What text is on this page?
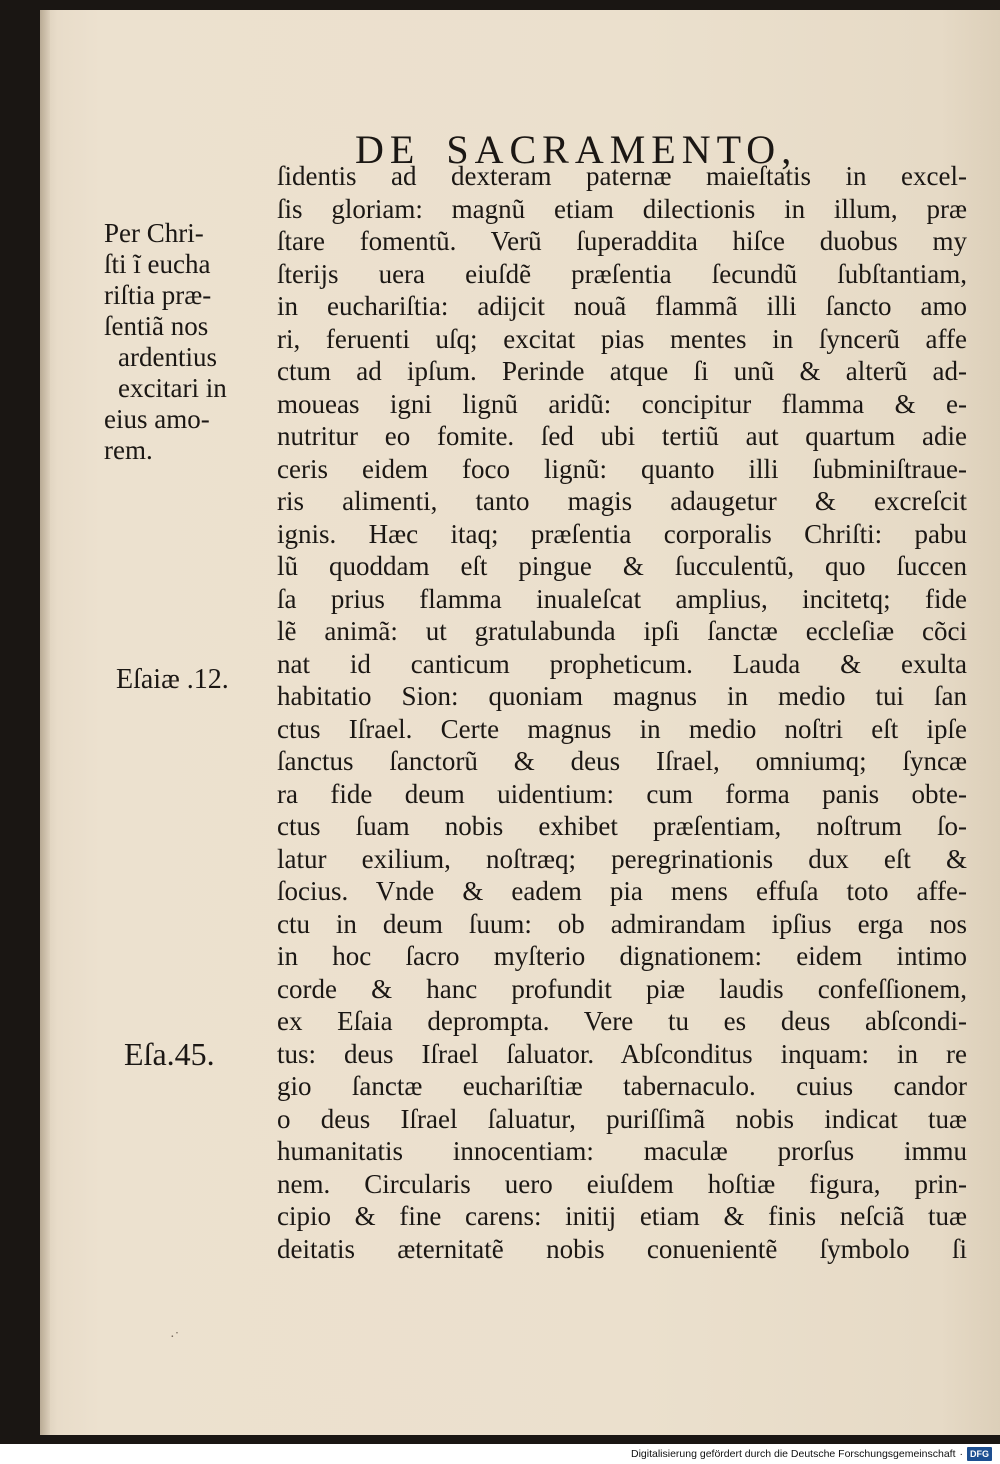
DE SACRAMENTO,
ſidentis ad dexteram paternæ maieſtatis in excel-
ſis gloriam: magnũ etiam dilectionis in illum, præ
ſtare fomentũ. Verũ ſuperaddita hiſce duobus my
ſterijs uera eiuſdẽ præſentia ſecundũ ſubſtantiam,
in euchariſtia: adijcit nouã flammã illi ſancto amo
ri, feruenti uſq; excitat pias mentes in ſyncerũ affe
ctum ad ipſum. Perinde atque ſi unũ & alterũ ad-
moueas igni lignũ aridũ: concipitur flamma & e-
nutritur eo fomite. ſed ubi tertiũ aut quartum adie
ceris eidem foco lignũ: quanto illi ſubminiſtraue-
ris alimenti, tanto magis adaugetur & excreſcit
ignis. Hæc itaq; præſentia corporalis Chriſti: pabu
lũ quoddam eſt pingue & ſucculentũ, quo ſuccen
ſa prius flamma inualeſcat amplius, incitetq; fide
lẽ animã: ut gratulabunda ipſi ſanctæ eccleſiæ cõci
nat id canticum propheticum. Lauda & exulta
habitatio Sion: quoniam magnus in medio tui ſan
ctus Iſrael. Certe magnus in medio noſtri eſt ipſe
ſanctus ſanctorũ & deus Iſrael, omniumq; ſyncæ
ra fide deum uidentium: cum forma panis obte-
ctus ſuam nobis exhibet præſentiam, noſtrum ſo-
latur exilium, noſtræq; peregrinationis dux eſt &
ſocius. Vnde & eadem pia mens effuſa toto affe-
ctu in deum ſuum: ob admirandam ipſius erga nos
in hoc ſacro myſterio dignationem: eidem intimo
corde & hanc profundit piæ laudis confeſſionem,
ex Eſaia deprompta. Vere tu es deus abſcondi-
tus: deus Iſrael ſaluator. Abſconditus inquam: in re
gio ſanctæ euchariſtiæ tabernaculo. cuius candor
o deus Iſrael ſaluatur, puriſſimã nobis indicat tuæ
humanitatis innocentiam: maculæ prorſus immu
nem. Circularis uero eiuſdem hoſtiæ figura, prin-
cipio & fine carens: initij etiam & finis neſciã tuæ
deitatis æternitatẽ nobis conuenientẽ ſymbolo ſi
Per Chri-
ſti ĩ eucha
riſtia præ-
ſentiã nos
ardentius
excitari in
eius amo-
rem.
Eſaiæ .12.
Eſa.45.
·˙
Digitalisierung gefördert durch die Deutsche Forschungsgemeinschaft · DFG
